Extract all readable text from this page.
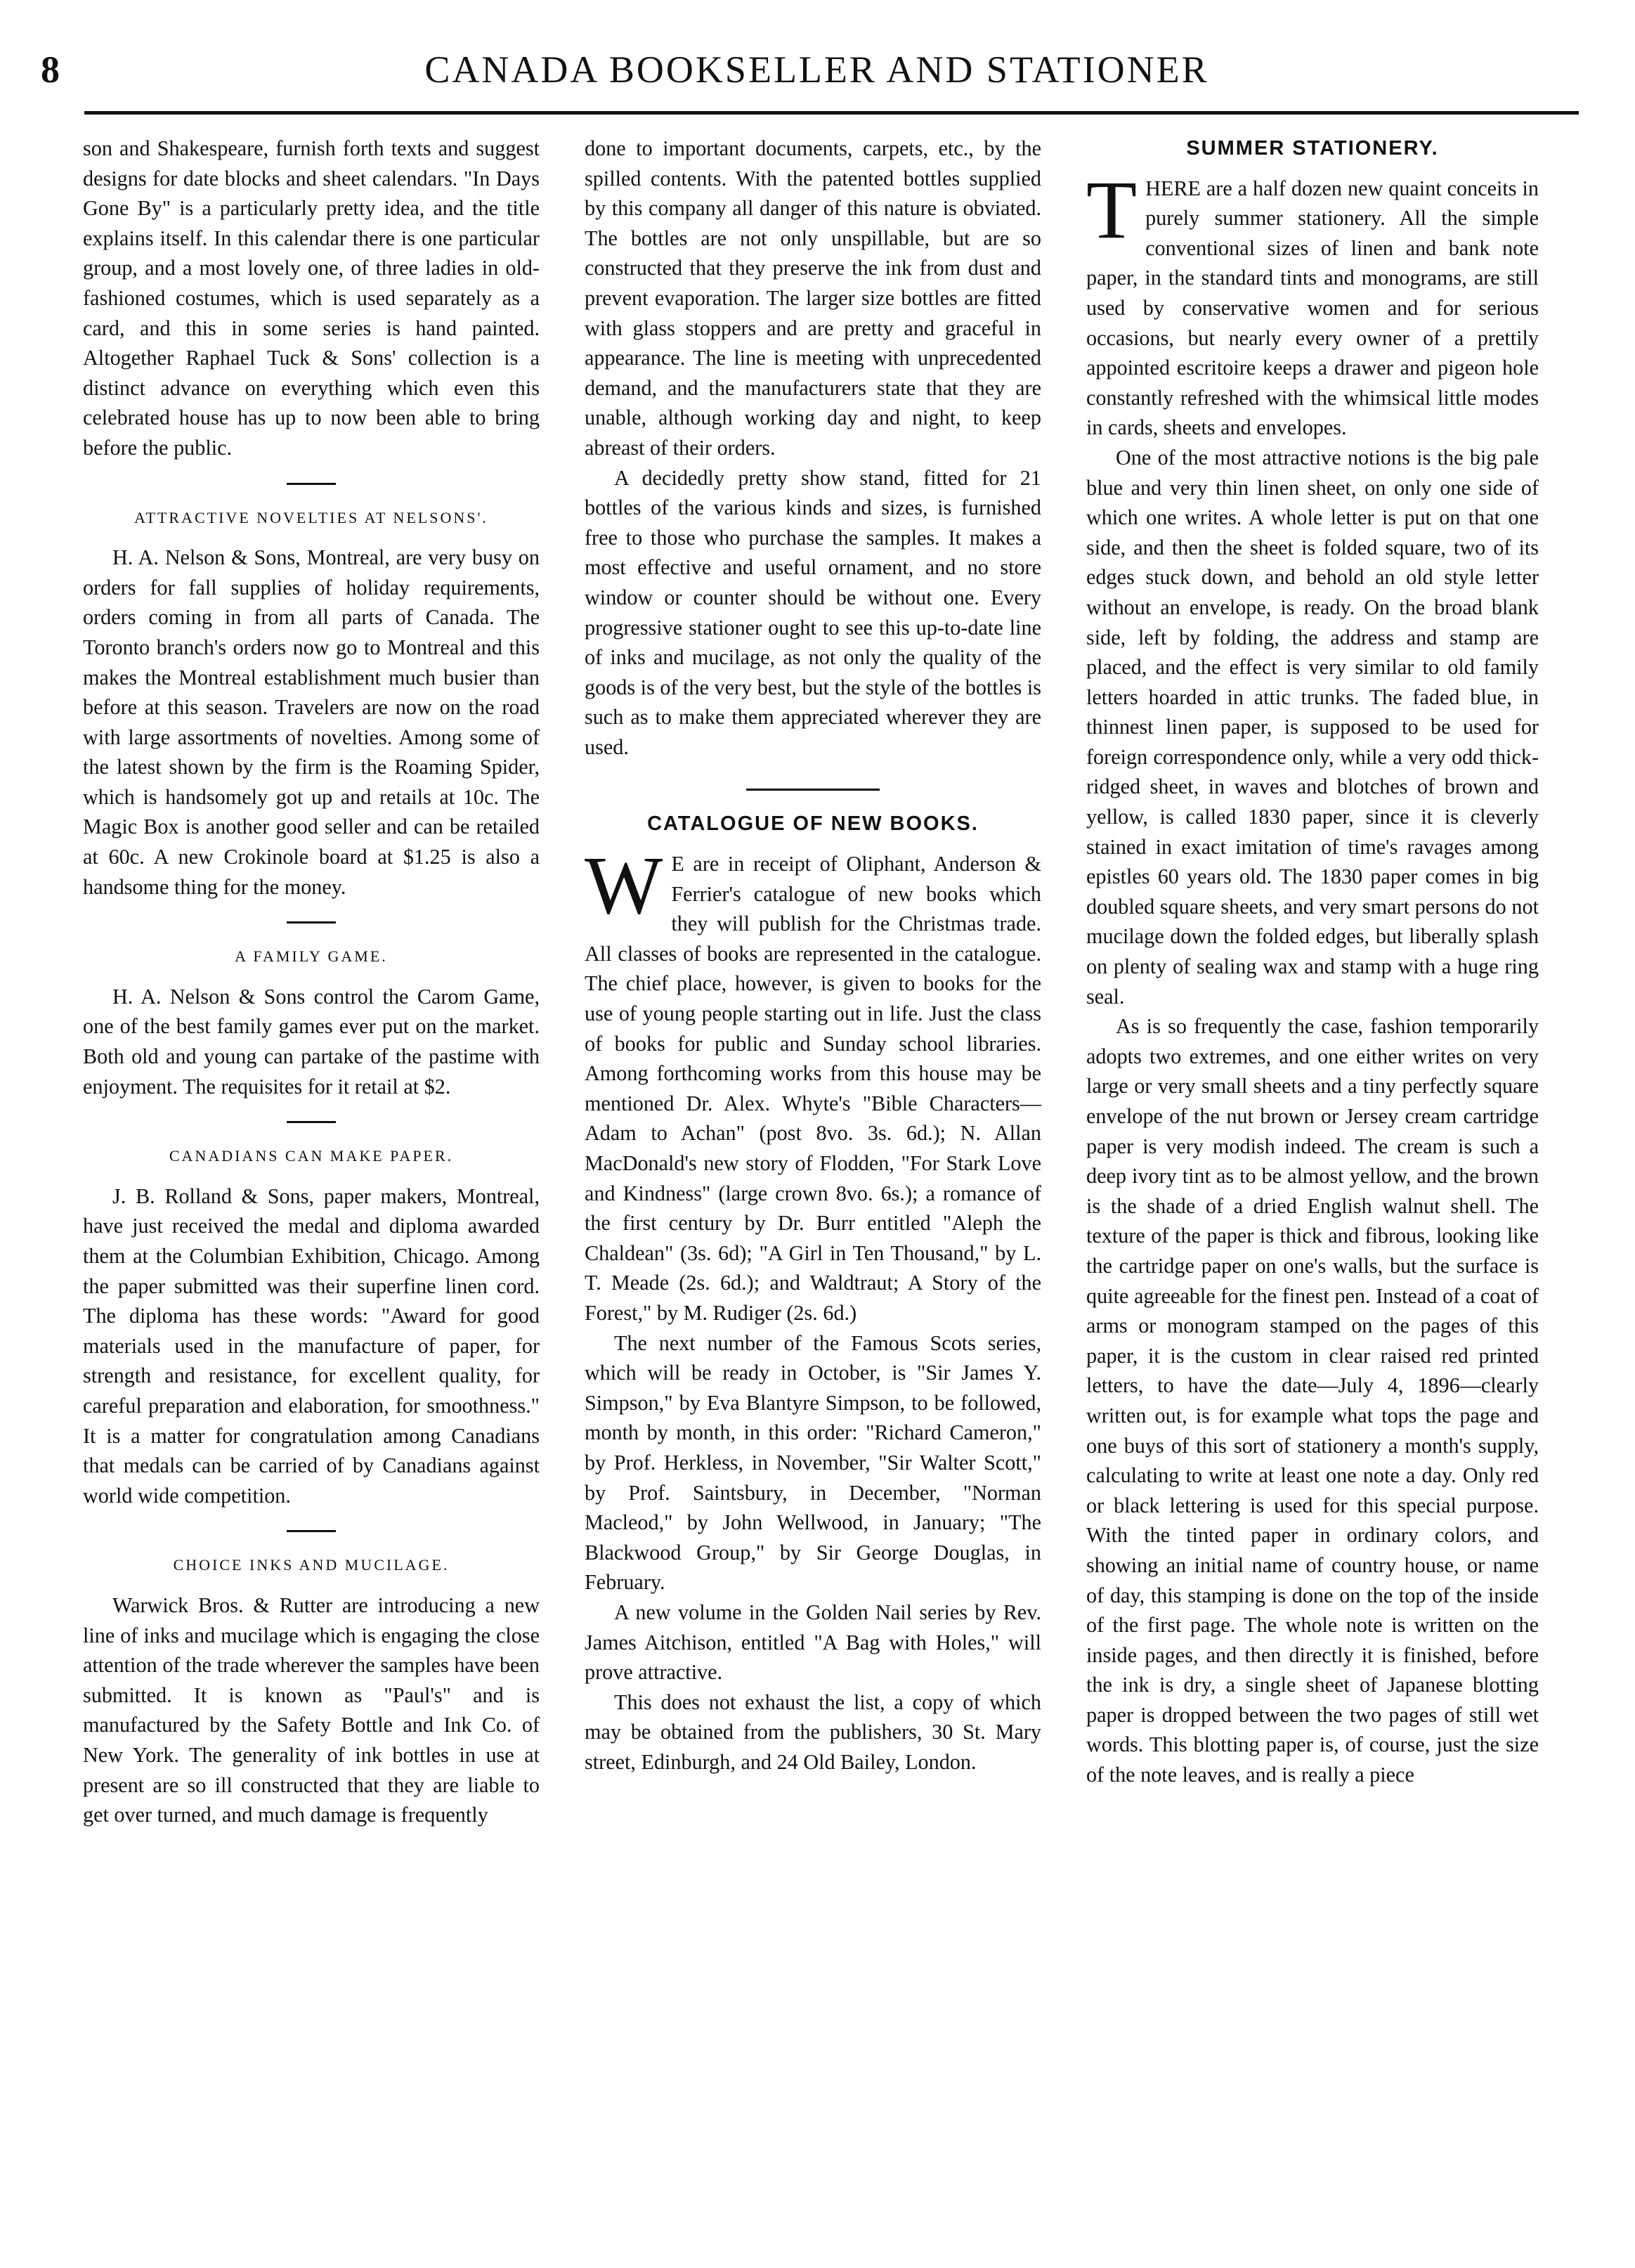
8	CANADA BOOKSELLER AND STATIONER

son and Shakespeare, furnish forth texts and suggest designs for date blocks and sheet calendars. "In Days Gone By" is a particularly pretty idea, and the title explains itself. In this calendar there is one particular group, and a most lovely one, of three ladies in old-fashioned costumes, which is used separately as a card, and this in some series is hand painted. Altogether Raphael Tuck & Sons' collection is a distinct advance on everything which even this celebrated house has up to now been able to bring before the public.

ATTRACTIVE NOVELTIES AT NELSONS'.

H. A. Nelson & Sons, Montreal, are very busy on orders for fall supplies of holiday requirements, orders coming in from all parts of Canada. The Toronto branch's orders now go to Montreal and this makes the Montreal establishment much busier than before at this season. Travelers are now on the road with large assortments of novelties. Among some of the latest shown by the firm is the Roaming Spider, which is handsomely got up and retails at 10c. The Magic Box is another good seller and can be retailed at 60c. A new Crokinole board at $1.25 is also a handsome thing for the money.

A FAMILY GAME.

H. A. Nelson & Sons control the Carom Game, one of the best family games ever put on the market. Both old and young can partake of the pastime with enjoyment. The requisites for it retail at $2.

CANADIANS CAN MAKE PAPER.

J. B. Rolland & Sons, paper makers, Montreal, have just received the medal and diploma awarded them at the Columbian Exhibition, Chicago. Among the paper submitted was their superfine linen cord. The diploma has these words: "Award for good materials used in the manufacture of paper, for strength and resistance, for excellent quality, for careful preparation and elaboration, for smoothness." It is a matter for congratulation among Canadians that medals can be carried of by Canadians against world wide competition.

CHOICE INKS AND MUCILAGE.

Warwick Bros. & Rutter are introducing a new line of inks and mucilage which is engaging the close attention of the trade wherever the samples have been submitted. It is known as "Paul's" and is manufactured by the Safety Bottle and Ink Co. of New York. The generality of ink bottles in use at present are so ill constructed that they are liable to get over turned, and much damage is frequently

done to important documents, carpets, etc., by the spilled contents. With the patented bottles supplied by this company all danger of this nature is obviated. The bottles are not only unspillable, but are so constructed that they preserve the ink from dust and prevent evaporation. The larger size bottles are fitted with glass stoppers and are pretty and graceful in appearance. The line is meeting with unprecedented demand, and the manufacturers state that they are unable, although working day and night, to keep abreast of their orders.

A decidedly pretty show stand, fitted for 21 bottles of the various kinds and sizes, is furnished free to those who purchase the samples. It makes a most effective and useful ornament, and no store window or counter should be without one. Every progressive stationer ought to see this up-to-date line of inks and mucilage, as not only the quality of the goods is of the very best, but the style of the bottles is such as to make them appreciated wherever they are used.

CATALOGUE OF NEW BOOKS.

W E are in receipt of Oliphant, Anderson & Ferrier's catalogue of new books which they will publish for the Christmas trade. All classes of books are represented in the catalogue. The chief place, however, is given to books for the use of young people starting out in life. Just the class of books for public and Sunday school libraries. Among forthcoming works from this house may be mentioned Dr. Alex. Whyte's "Bible Characters—Adam to Achan" (post 8vo. 3s. 6d.); N. Allan MacDonald's new story of Flodden, "For Stark Love and Kindness" (large crown 8vo. 6s.); a romance of the first century by Dr. Burr entitled "Aleph the Chaldean" (3s. 6d); "A Girl in Ten Thousand," by L. T. Meade (2s. 6d.); and Waldtraut; A Story of the Forest," by M. Rudiger (2s. 6d.)

The next number of the Famous Scots series, which will be ready in October, is "Sir James Y. Simpson," by Eva Blantyre Simpson, to be followed, month by month, in this order: "Richard Cameron," by Prof. Herkless, in November, "Sir Walter Scott," by Prof. Saintsbury, in December, "Norman Macleod," by John Wellwood, in January; "The Blackwood Group," by Sir George Douglas, in February.

A new volume in the Golden Nail series by Rev. James Aitchison, entitled "A Bag with Holes," will prove attractive.

This does not exhaust the list, a copy of which may be obtained from the publishers, 30 St. Mary street, Edinburgh, and 24 Old Bailey, London.

SUMMER STATIONERY.

THERE are a half dozen new quaint conceits in purely summer stationery. All the simple conventional sizes of linen and bank note paper, in the standard tints and monograms, are still used by conservative women and for serious occasions, but nearly every owner of a prettily appointed escritoire keeps a drawer and pigeon hole constantly refreshed with the whimsical little modes in cards, sheets and envelopes.

One of the most attractive notions is the big pale blue and very thin linen sheet, on only one side of which one writes. A whole letter is put on that one side, and then the sheet is folded square, two of its edges stuck down, and behold an old style letter without an envelope, is ready. On the broad blank side, left by folding, the address and stamp are placed, and the effect is very similar to old family letters hoarded in attic trunks. The faded blue, in thinnest linen paper, is supposed to be used for foreign correspondence only, while a very odd thick-ridged sheet, in waves and blotches of brown and yellow, is called 1830 paper, since it is cleverly stained in exact imitation of time's ravages among epistles 60 years old. The 1830 paper comes in big doubled square sheets, and very smart persons do not mucilage down the folded edges, but liberally splash on plenty of sealing wax and stamp with a huge ring seal.

As is so frequently the case, fashion temporarily adopts two extremes, and one either writes on very large or very small sheets and a tiny perfectly square envelope of the nut brown or Jersey cream cartridge paper is very modish indeed. The cream is such a deep ivory tint as to be almost yellow, and the brown is the shade of a dried English walnut shell. The texture of the paper is thick and fibrous, looking like the cartridge paper on one's walls, but the surface is quite agreeable for the finest pen. Instead of a coat of arms or monogram stamped on the pages of this paper, it is the custom in clear raised red printed letters, to have the date—July 4, 1896—clearly written out, is for example what tops the page and one buys of this sort of stationery a month's supply, calculating to write at least one note a day. Only red or black lettering is used for this special purpose. With the tinted paper in ordinary colors, and showing an initial name of country house, or name of day, this stamping is done on the top of the inside of the first page. The whole note is written on the inside pages, and then directly it is finished, before the ink is dry, a single sheet of Japanese blotting paper is dropped between the two pages of still wet words. This blotting paper is, of course, just the size of the note leaves, and is really a piece
